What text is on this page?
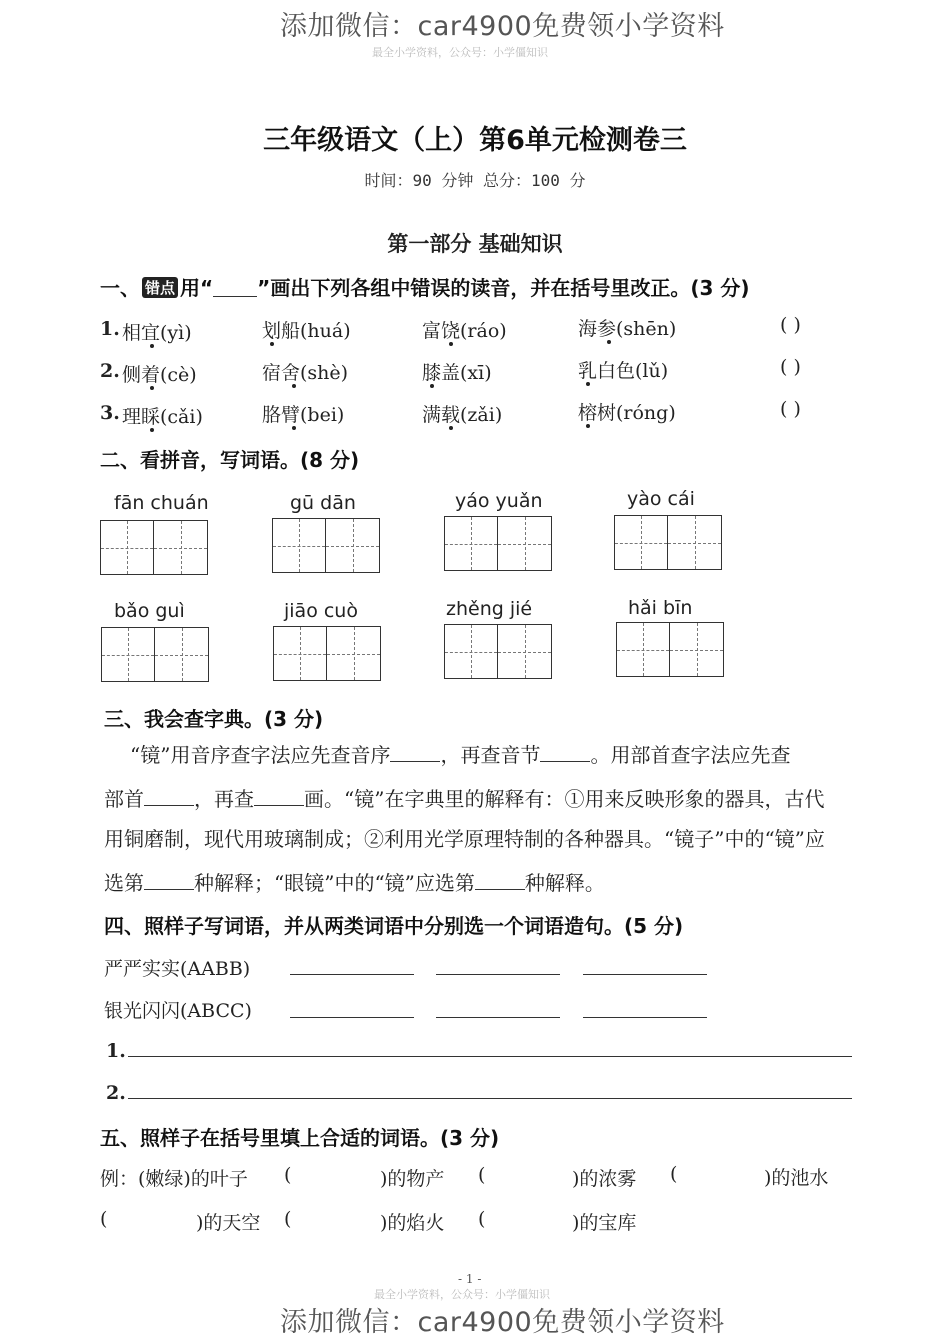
添加微信：car4900免费领小学资料
最全小学资料，公众号：小学僵知识
三年级语文（上）第6单元检测卷三
时间：90 分钟 总分：100 分
第一部分 基础知识
一、 错点 用“ ”画出下列各组中错误的读音，并在括号里改正。(3 分)
1. 相宜(yì)	划船(huá)	富饶(ráo)	海参(shēn)	( )
2. 侧着(cè)	宿舍(shè)	膝盖(xī)	乳白色(lǔ)	( )
3. 理睬(cǎi)	胳臂(bei)	满载(zǎi)	榕树(róng)	( )
二、看拼音，写词语。(8 分)
fān chuán	gū dān	yáo yuǎn	yào cái
bǎo guì	jiāo cuò	zhěng jié	hǎi bīn
三、我会查字典。(3 分)
“镜”用音序查字法应先查音序	，再查音节	。用部首查字法应先查
部首	，再查	画。“镜”在字典里的解释有：①用来反映形象的器具，古代
用铜磨制，现代用玻璃制成；②利用光学原理特制的各种器具。“镜子”中的“镜”应
选第	种解释；“眼镜”中的“镜”应选第	种解释。
四、照样子写词语，并从两类词语中分别选一个词语造句。(5 分)
严严实实(AABB)
银光闪闪(ABCC)
1.
2.
五、照样子在括号里填上合适的词语。(3 分)
例：(嫩绿)的叶子 (	)的物产 (	)的浓雾 (	)的池水
(	)的天空 (	)的焰火 (	)的宝库
- 1 -
最全小学资料，公众号：小学僵知识
添加微信：car4900免费领小学资料
